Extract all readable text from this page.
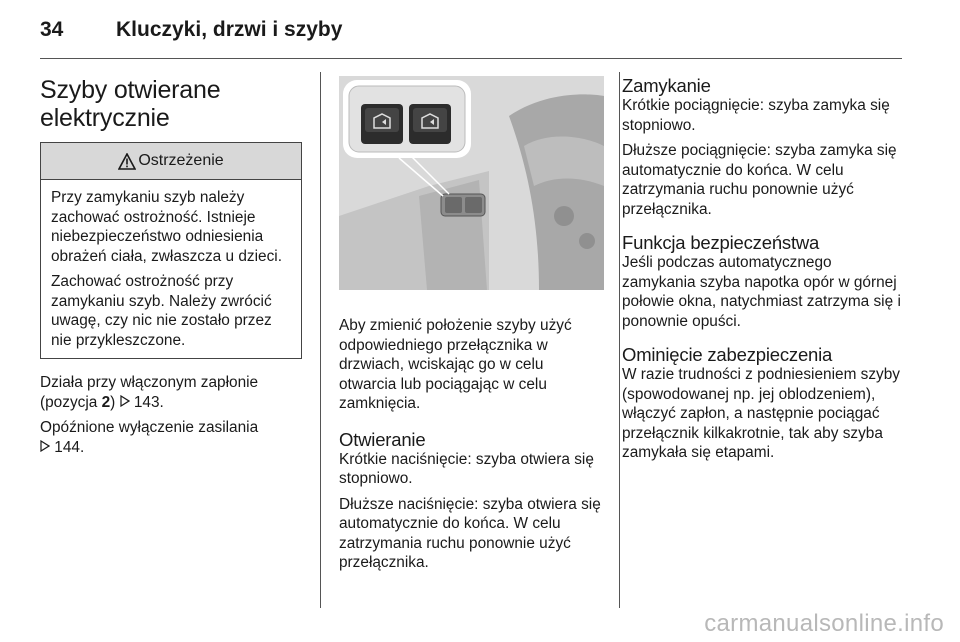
34	Kluczyki, drzwi i szyby
Szyby otwierane
elektrycznie
Ostrzeżenie

Przy zamykaniu szyb należy zachować ostrożność. Istnieje niebezpieczeństwo odniesienia obrażeń ciała, zwłaszcza u dzieci.

Zachować ostrożność przy zamykaniu szyb. Należy zwrócić uwagę, czy nic nie zostało przez nie przykleszczone.

Działa przy włączonym zapłonie (pozycja 2)  143.

Opóźnione wyłączenie zasilania
144.

Aby zmienić położenie szyby użyć odpowiedniego przełącznika w drzwiach, wciskając go w celu otwarcia lub pociągając w celu zamknięcia.

Otwieranie

Krótkie naciśnięcie: szyba otwiera się stopniowo.

Dłuższe naciśnięcie: szyba otwiera się automatycznie do końca. W celu zatrzymania ruchu ponownie użyć przełącznika.

Zamykanie

Krótkie pociągnięcie: szyba zamyka się stopniowo.

Dłuższe pociągnięcie: szyba zamyka się automatycznie do końca. W celu zatrzymania ruchu ponownie użyć przełącznika.

Funkcja bezpieczeństwa

Jeśli podczas automatycznego zamykania szyba napotka opór w górnej połowie okna, natychmiast zatrzyma się i ponownie opuści.

Ominięcie zabezpieczenia

W razie trudności z podniesieniem szyby (spowodowanej np. jej oblodzeniem), włączyć zapłon, a następnie pociągać przełącznik kilkakrotnie, tak aby szyba zamykała się etapami.

carmanualsonline.info
